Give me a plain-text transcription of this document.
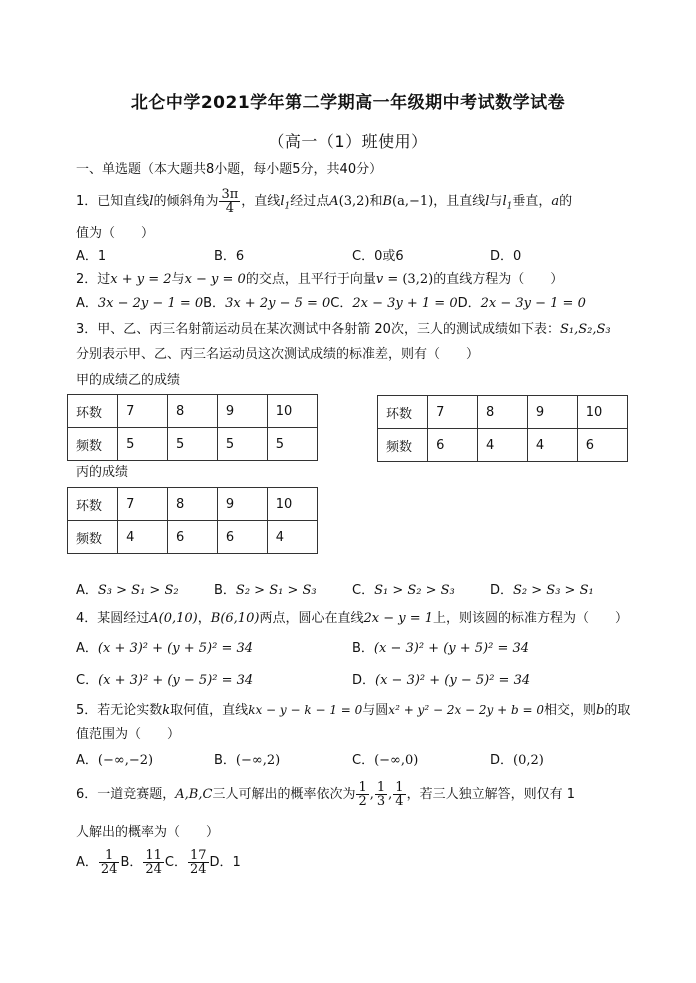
北仑中学2021学年第二学期高一年级期中考试数学试卷
（高一（1）班使用）
一、单选题（本大题共8小题，每小题5分，共40分）
1．已知直线l的倾斜角为 $\frac{3\pi}{4}$ ，直线$l_1$经过点A(3,2)和B(a,−1)，且直线l与$l_1$垂直，a的
值为（　　）
A．1	B．6	C．0或6	D．0
2．过x + y = 2与x − y = 0的交点，且平行于向量v = (3,2)的直线方程为（　　）
A．3x − 2y − 1 = 0B．3x + 2y − 5 = 0C．2x − 3y + 1 = 0D．2x − 3y − 1 = 0
3．甲、乙、丙三名射箭运动员在某次测试中各射箭 20次，三人的测试成绩如下表：S₁,S₂,S₃
分别表示甲、乙、丙三名运动员这次测试成绩的标准差，则有（　　）
甲的成绩乙的成绩
环数	7	8	9	10
频数	5	5	5	5
环数	7	8	9	10
频数	6	4	4	6
丙的成绩
环数	7	8	9	10
频数	4	6	6	4
A．S₃ > S₁ > S₂	B．S₂ > S₁ > S₃	C．S₁ > S₂ > S₃	D．S₂ > S₃ > S₁
4．某圆经过A(0,10)，B(6,10)两点，圆心在直线2x − y = 1上，则该圆的标准方程为（　　）
A．(x + 3)² + (y + 5)² = 34	B．(x − 3)² + (y + 5)² = 34
C．(x + 3)² + (y − 5)² = 34	D．(x − 3)² + (y − 5)² = 34
5．若无论实数k取何值，直线kx − y − k − 1 = 0与圆x² + y² − 2x − 2y + b = 0相交，则b的取
值范围为（　　）
A．(−∞,−2)	B．(−∞,2)	C．(−∞,0)	D．(0,2)
6．一道竞赛题，A,B,C三人可解出的概率依次为 $\frac{1}{2}$ , $\frac{1}{3}$ , $\frac{1}{4}$ ，若三人独立解答，则仅有 1
人解出的概率为（　　）
A． $\frac{1}{24}$ B． $\frac{11}{24}$ C． $\frac{17}{24}$ D．1
